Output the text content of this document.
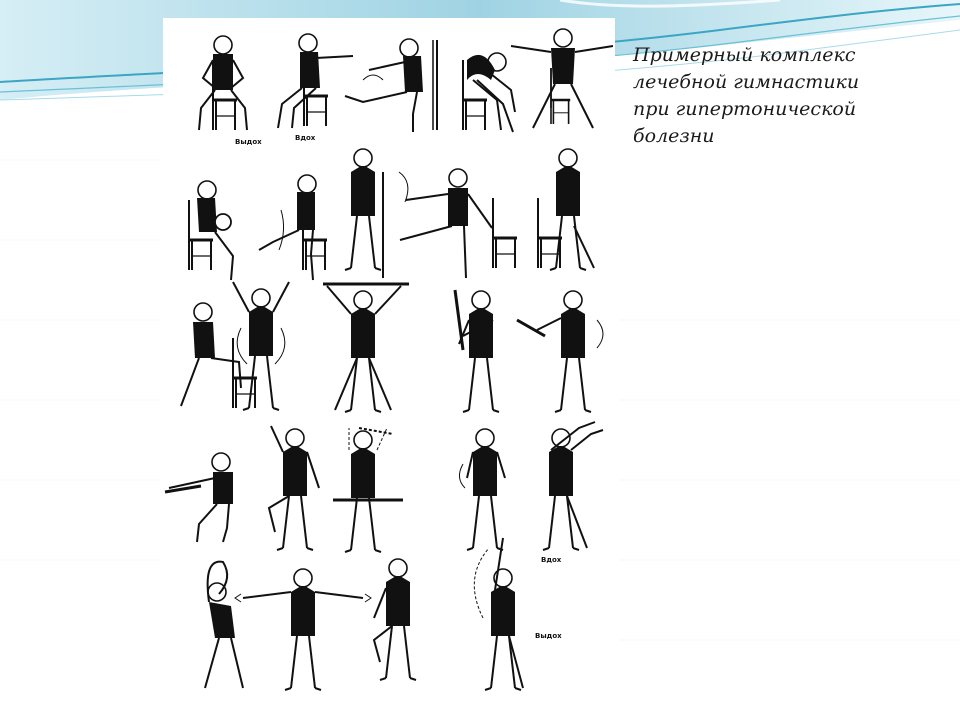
Выдох	Вдох
Вдох
Выдох
Примерный комплекс
лечебной гимнастики
при гипертонической
болезни
